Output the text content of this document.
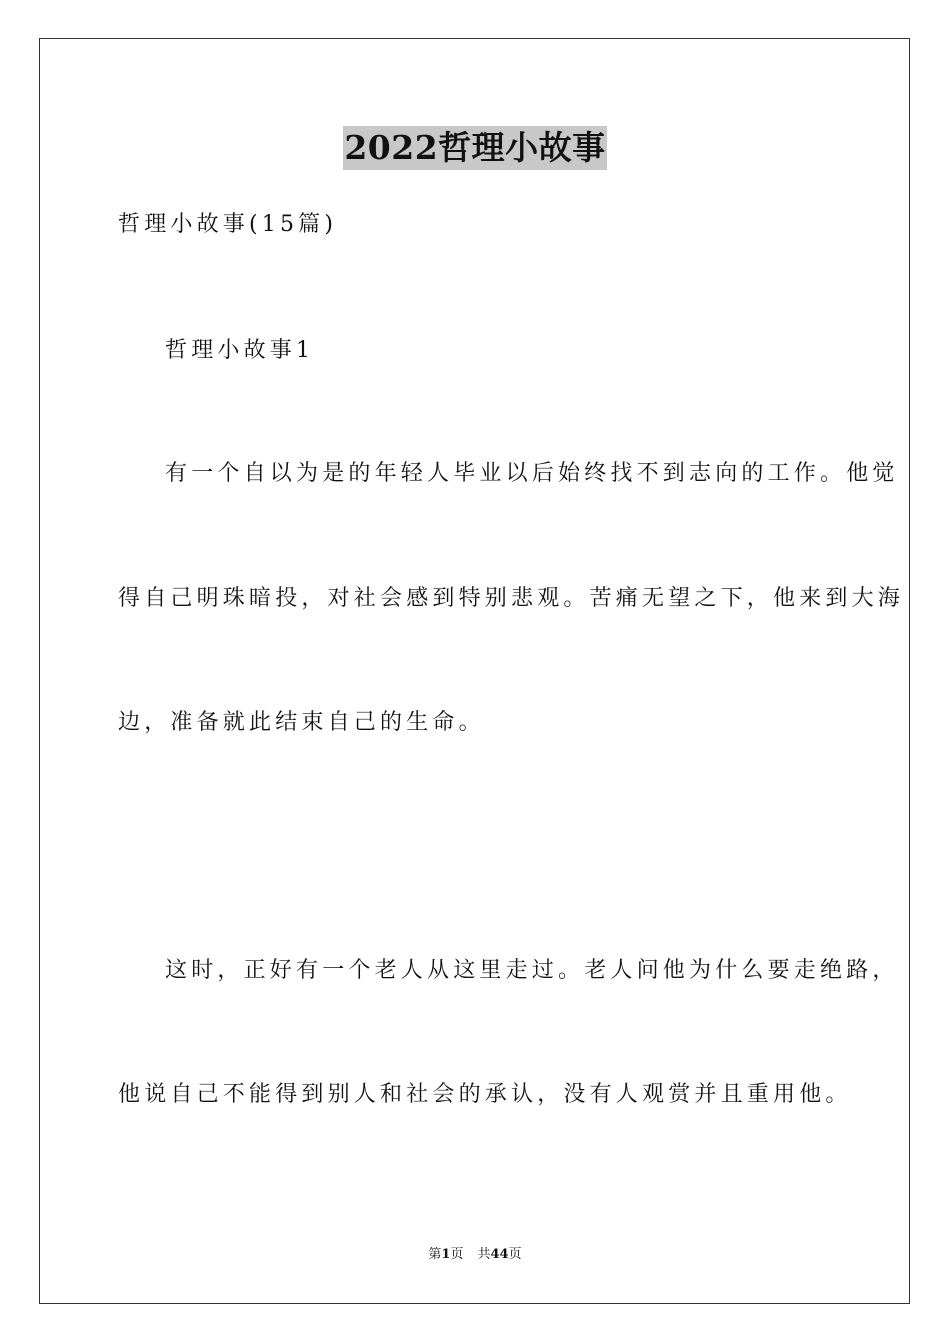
2022哲理小故事
哲理小故事(15篇)
哲理小故事1
有一个自以为是的年轻人毕业以后始终找不到志向的工作。他觉
得自己明珠暗投，对社会感到特别悲观。苦痛无望之下，他来到大海
边，准备就此结束自己的生命。
这时，正好有一个老人从这里走过。老人问他为什么要走绝路，
他说自己不能得到别人和社会的承认，没有人观赏并且重用他。
第1页 共44页
